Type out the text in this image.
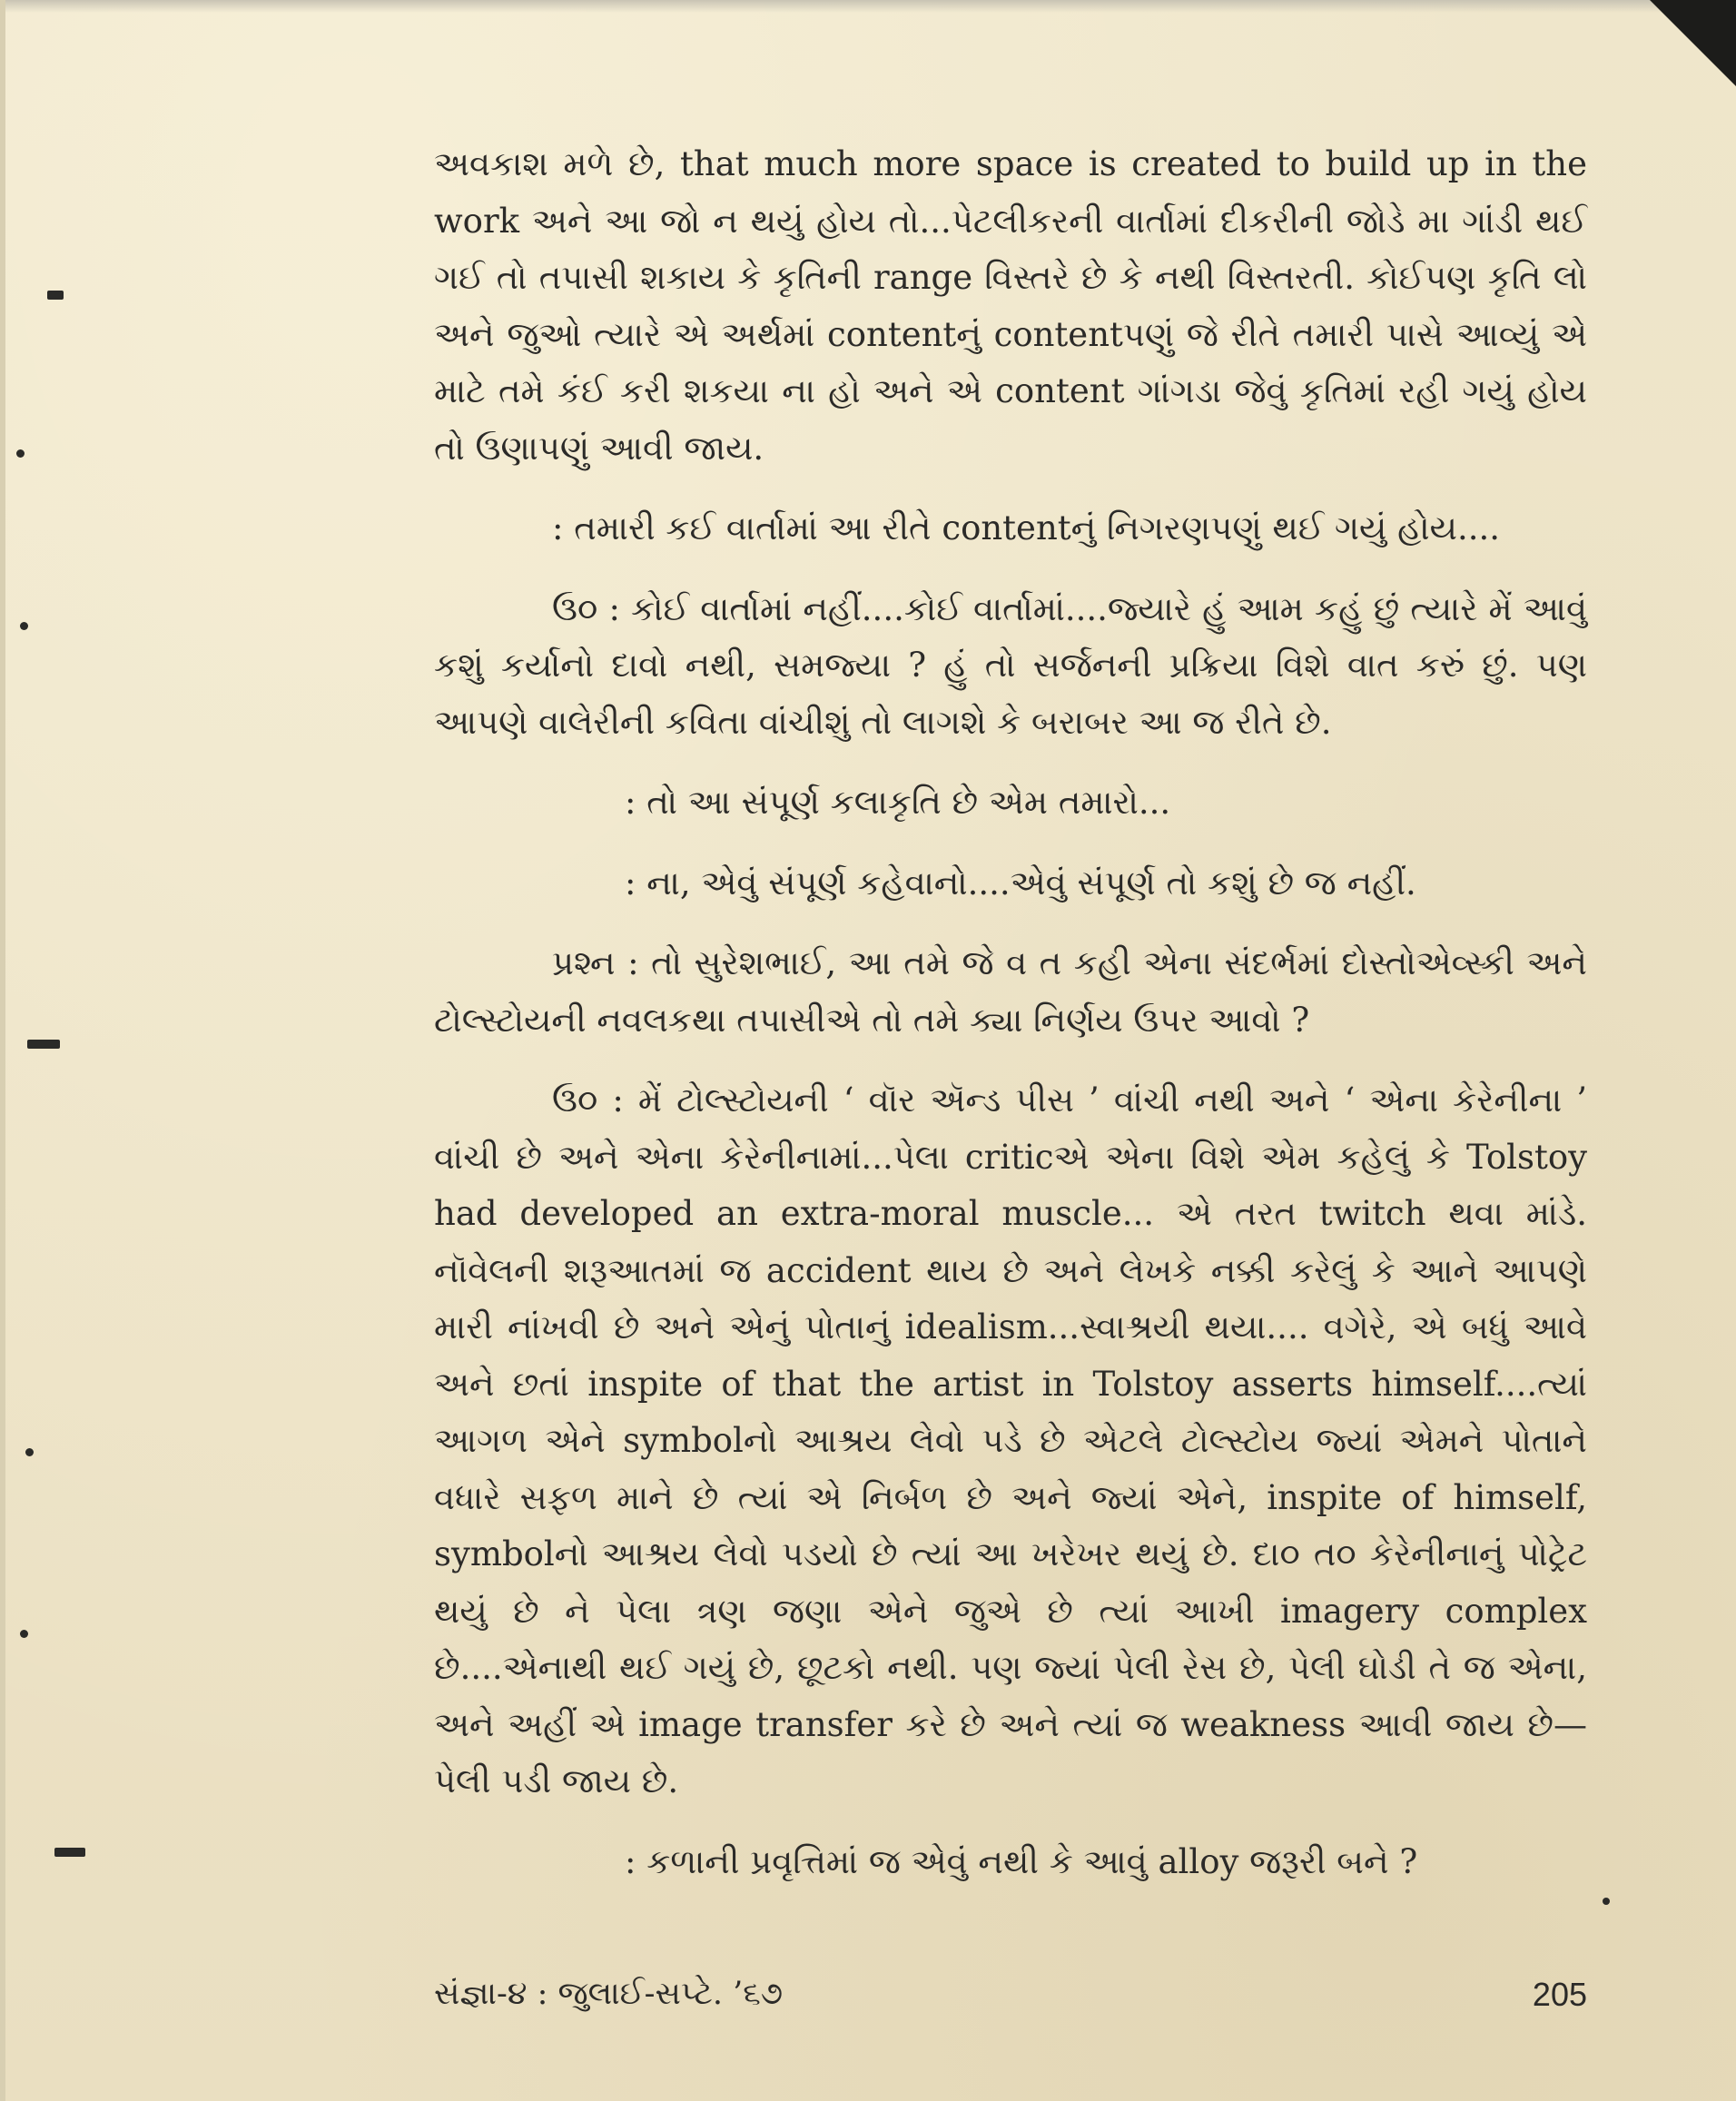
અવકાશ મળે છે, that much more space is created to build up in the work અને આ જો ન થયું હોય તો...પેટલીકરની વાર્તામાં દીકરીની જોડે મા ગાંડી થઈ ગઈ તો તપાસી શકાય કે કૃતિની range વિસ્તરે છે કે નથી વિસ્તરતી. કોઈપણ કૃતિ લો અને જુઓ ત્યારે એ અર્થમાં contentનું contentપણું જે રીતે તમારી પાસે આવ્યું એ માટે તમે કંઈ કરી શકયા ના હો અને એ content ગાંગડા જેવું કૃતિમાં રહી ગયું હોય તો ઉણાપણું આવી જાય.

: તમારી કઈ વાર્તામાં આ રીતે contentનું નિગરણપણું થઈ ગયું હોય....

ઉ૦ : કોઈ વાર્તામાં નહીં....કોઈ વાર્તામાં....જ્યારે હું આમ કહું છું ત્યારે મેં આવું કશું કર્યાનો દાવો નથી, સમજ્યા ? હું તો સર્જનની પ્રક્રિયા વિશે વાત કરું છું. પણ આપણે વાલેરીની કવિતા વાંચીશું તો લાગશે કે બરાબર આ જ રીતે છે.

: તો આ સંપૂર્ણ કલાકૃતિ છે એમ તમારો...

: ના, એવું સંપૂર્ણ કહેવાનો....એવું સંપૂર્ણ તો કશું છે જ નહીં.

પ્રશ્ન : તો સુરેશભાઈ, આ તમે જે વ ત કહી એના સંદર્ભમાં દોસ્તોએવ્સ્કી અને ટોલ્સ્ટોયની નવલકથા તપાસીએ તો તમે ક્યા નિર્ણય ઉપર આવો ?

ઉ૦ : મેં ટોલ્સ્ટોયની ‘ વૉર ઍન્ડ પીસ ’ વાંચી નથી અને ‘ એના કેરેનીના ’ વાંચી છે અને એના કેરેનીનામાં...પેલા criticએ એના વિશે એમ કહેલું કે Tolstoy had developed an extra-moral muscle... એ તરત twitch થવા માંડે. નૉવેલની શરૂઆતમાં જ accident થાય છે અને લેખકે નક્કી કરેલું કે આને આપણે મારી નાંખવી છે અને એનું પોતાનું idealism...સ્વાશ્રયી થયા.... વગેરે, એ બધું આવે અને છતાં inspite of that the artist in Tolstoy asserts himself....ત્યાં આગળ એને symbolનો આશ્રય લેવો પડે છે એટલે ટોલ્સ્ટોય જ્યાં એમને પોતાને વધારે સફળ માને છે ત્યાં એ નિર્બળ છે અને જ્યાં એને, inspite of himself, symbolનો આશ્રય લેવો પડયો છે ત્યાં આ ખરેખર થયું છે. દા૦ ત૦ કેરેનીનાનું પોટ્રેટ થયું છે ને પેલા ત્રણ જણા એને જુએ છે ત્યાં આખી imagery complex છે....એનાથી થઈ ગયું છે, છૂટકો નથી. પણ જ્યાં પેલી રેસ છે, પેલી ઘોડી તે જ એના, અને અહીં એ image transfer કરે છે અને ત્યાં જ weakness આવી જાય છે— પેલી પડી જાય છે.

: કળાની પ્રવૃત્તિમાં જ એવું નથી કે આવું alloy જરૂરી બને ?

સંજ્ઞા-૪ : જુલાઈ-સપ્ટે. ’૬૭	205
